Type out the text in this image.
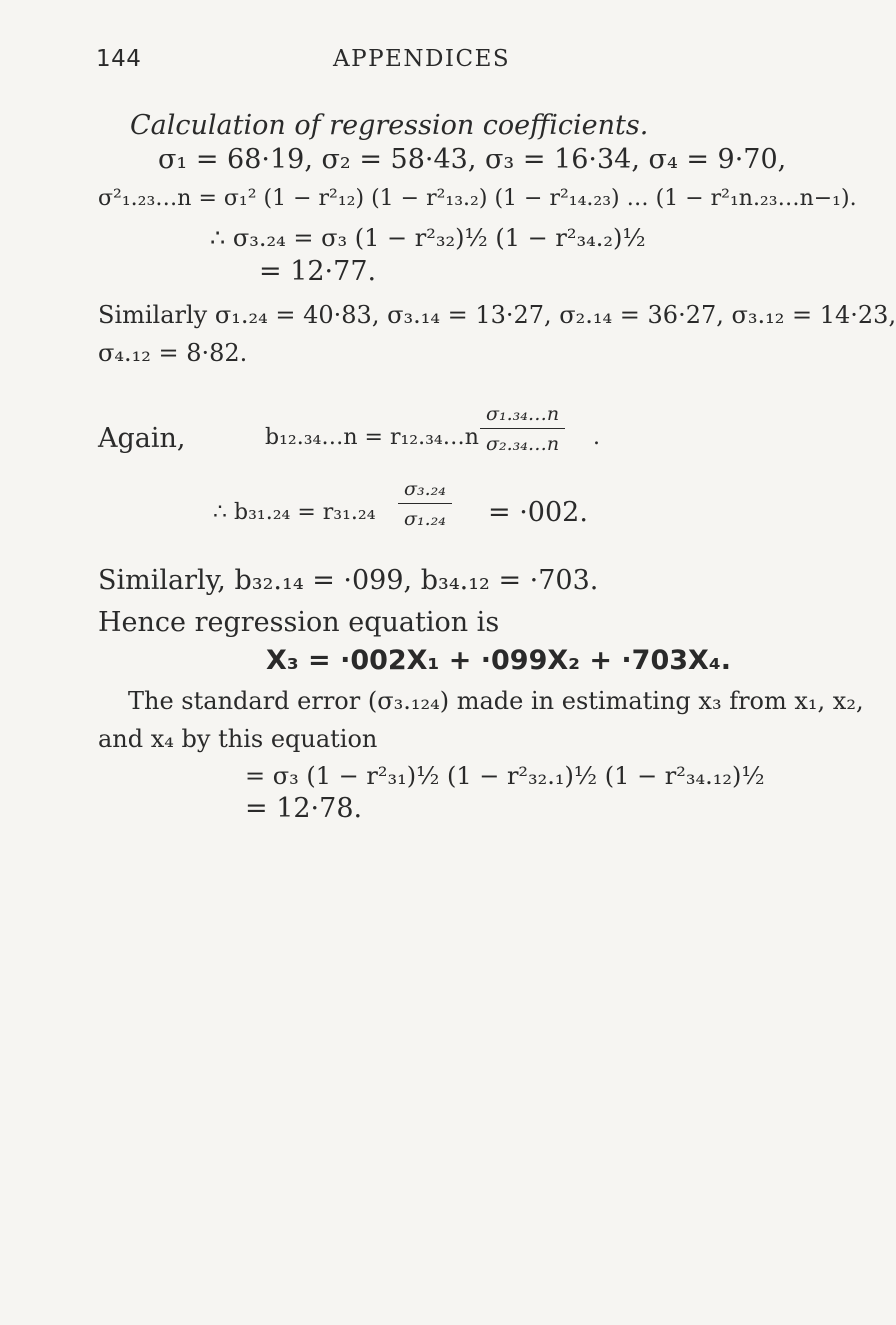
144	APPENDICES
Calculation of regression coefficients.
σ₁ = 68·19, σ₂ = 58·43, σ₃ = 16·34, σ₄ = 9·70,
σ²₁.₂₃…n = σ₁² (1 − r²₁₂) (1 − r²₁₃.₂) (1 − r²₁₄.₂₃) … (1 − r²₁n.₂₃…n−₁).
∴ σ₃.₂₄ = σ₃ (1 − r²₃₂)½ (1 − r²₃₄.₂)½
= 12·77.
Similarly σ₁.₂₄ = 40·83, σ₃.₁₄ = 13·27, σ₂.₁₄ = 36·27, σ₃.₁₂ = 14·23,
σ₄.₁₂ = 8·82.
Again,	b₁₂.₃₄…n = r₁₂.₃₄…n $\frac{\text{σ₁.₃₄…n}}{\text{σ₂.₃₄…n}}$ .
∴ $b_{31}._{24} = r_{31}._{24} \frac{\text{σ₃.₂₄}}{\text{σ₁.₂₄}} = \cdot 002$.
Similarly, b₃₂.₁₄ = ·099, b₃₄.₁₂ = ·703.
Hence regression equation is
X₃ = ·002X₁ + ·099X₂ + ·703X₄.
The standard error (σ₃.₁₂₄) made in estimating x₃ from x₁, x₂,
and x₄ by this equation
= σ₃ (1 − r²₃₁)½ (1 − r²₃₂.₁)½ (1 − r²₃₄.₁₂)½
= 12·78.
